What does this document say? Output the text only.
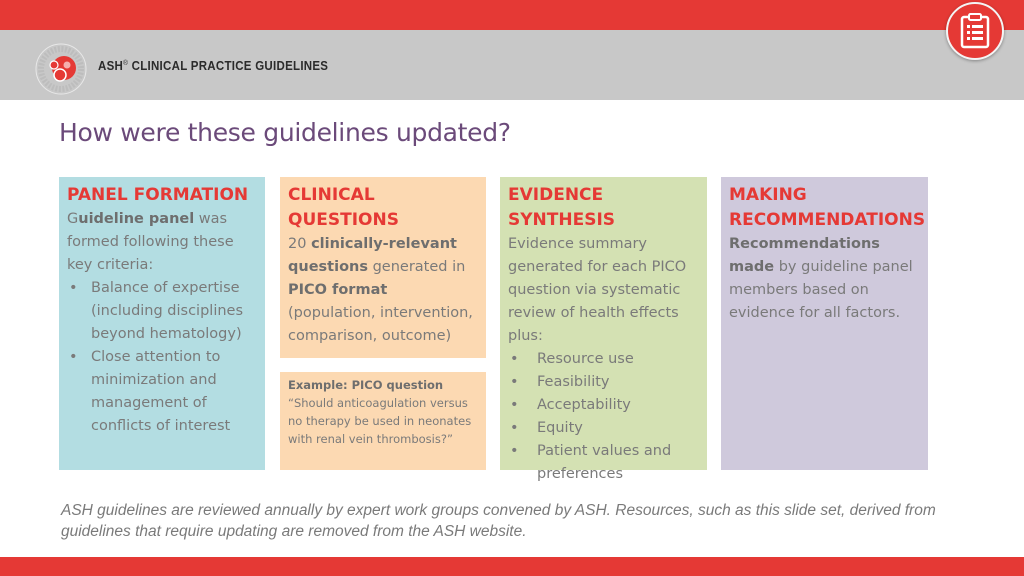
ASH® CLINICAL PRACTICE GUIDELINES
How were these guidelines updated?
PANEL FORMATION
Guideline panel was formed following these key criteria:
• Balance of expertise (including disciplines beyond hematology)
• Close attention to minimization and management of conflicts of interest
CLINICAL QUESTIONS
20 clinically-relevant questions generated in PICO format (population, intervention, comparison, outcome)
Example: PICO question
“Should anticoagulation versus no therapy be used in neonates with renal vein thrombosis?”
EVIDENCE SYNTHESIS
Evidence summary generated for each PICO question via systematic review of health effects plus:
• Resource use
• Feasibility
• Acceptability
• Equity
• Patient values and preferences
MAKING RECOMMENDATIONS
Recommendations made by guideline panel members based on evidence for all factors.
ASH guidelines are reviewed annually by expert work groups convened by ASH. Resources, such as this slide set, derived from guidelines that require updating are removed from the ASH website.
